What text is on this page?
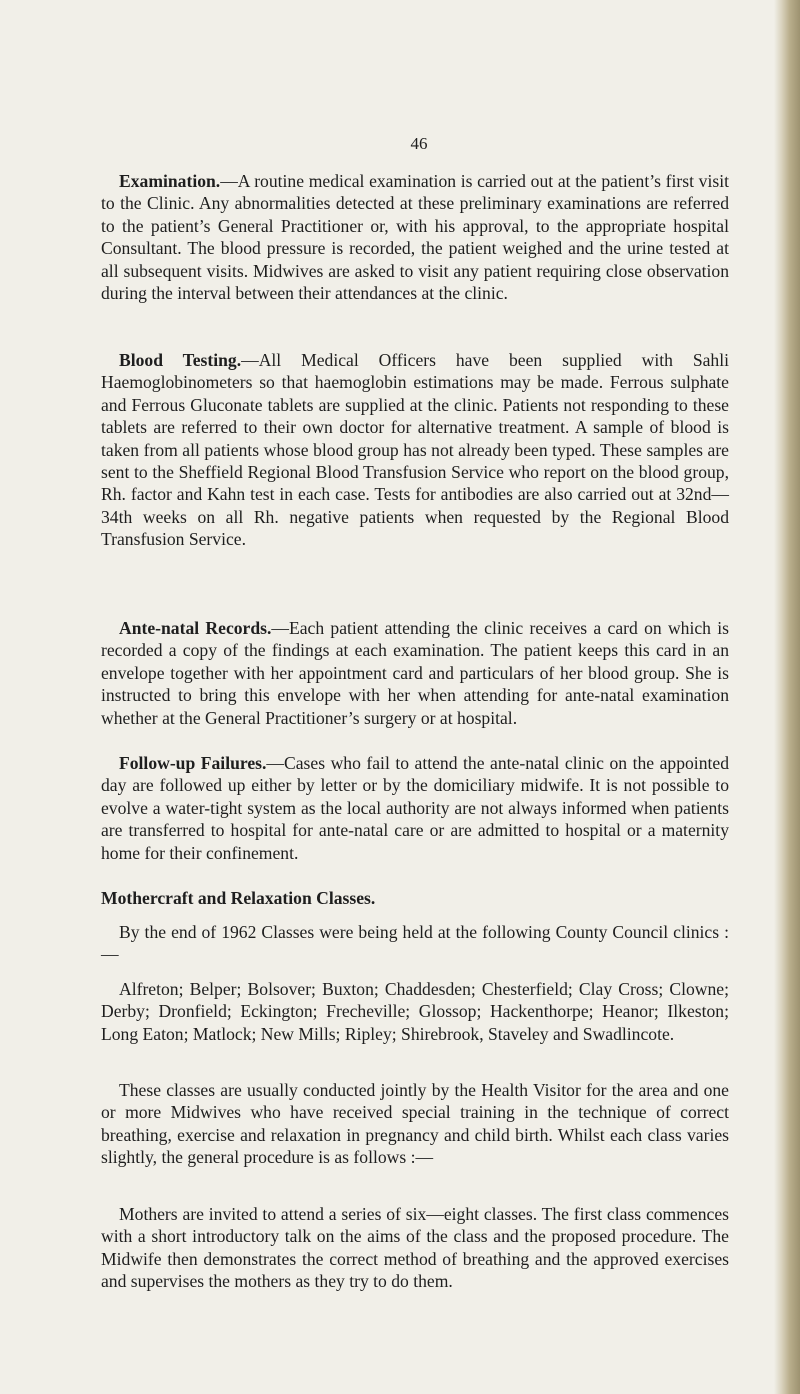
46

Examination.—A routine medical examination is carried out at the patient’s first visit to the Clinic. Any abnormalities detected at these preliminary examinations are referred to the patient’s General Practitioner or, with his approval, to the appropriate hospital Consultant. The blood pressure is recorded, the patient weighed and the urine tested at all subsequent visits. Midwives are asked to visit any patient requiring close observation during the interval between their attendances at the clinic.

Blood Testing.—All Medical Officers have been supplied with Sahli Haemoglobinometers so that haemoglobin estimations may be made. Ferrous sulphate and Ferrous Gluconate tablets are supplied at the clinic. Patients not responding to these tablets are referred to their own doctor for alternative treatment. A sample of blood is taken from all patients whose blood group has not already been typed. These samples are sent to the Sheffield Regional Blood Transfusion Service who report on the blood group, Rh. factor and Kahn test in each case. Tests for antibodies are also carried out at 32nd—34th weeks on all Rh. negative patients when requested by the Regional Blood Transfusion Service.

Ante-natal Records.—Each patient attending the clinic receives a card on which is recorded a copy of the findings at each examination. The patient keeps this card in an envelope together with her appointment card and particulars of her blood group. She is instructed to bring this envelope with her when attending for ante-natal examination whether at the General Practitioner’s surgery or at hospital.

Follow-up Failures.—Cases who fail to attend the ante-natal clinic on the appointed day are followed up either by letter or by the domiciliary midwife. It is not possible to evolve a water-tight system as the local authority are not always informed when patients are transferred to hospital for ante-natal care or are admitted to hospital or a maternity home for their confinement.

Mothercraft and Relaxation Classes.

By the end of 1962 Classes were being held at the following County Council clinics :—

Alfreton; Belper; Bolsover; Buxton; Chaddesden; Chesterfield; Clay Cross; Clowne; Derby; Dronfield; Eckington; Frecheville; Glossop; Hackenthorpe; Heanor; Ilkeston; Long Eaton; Matlock; New Mills; Ripley; Shirebrook, Staveley and Swadlincote.

These classes are usually conducted jointly by the Health Visitor for the area and one or more Midwives who have received special training in the technique of correct breathing, exercise and relaxation in pregnancy and child birth. Whilst each class varies slightly, the general procedure is as follows :—

Mothers are invited to attend a series of six—eight classes. The first class commences with a short introductory talk on the aims of the class and the proposed procedure. The Midwife then demonstrates the correct method of breathing and the approved exercises and supervises the mothers as they try to do them.
